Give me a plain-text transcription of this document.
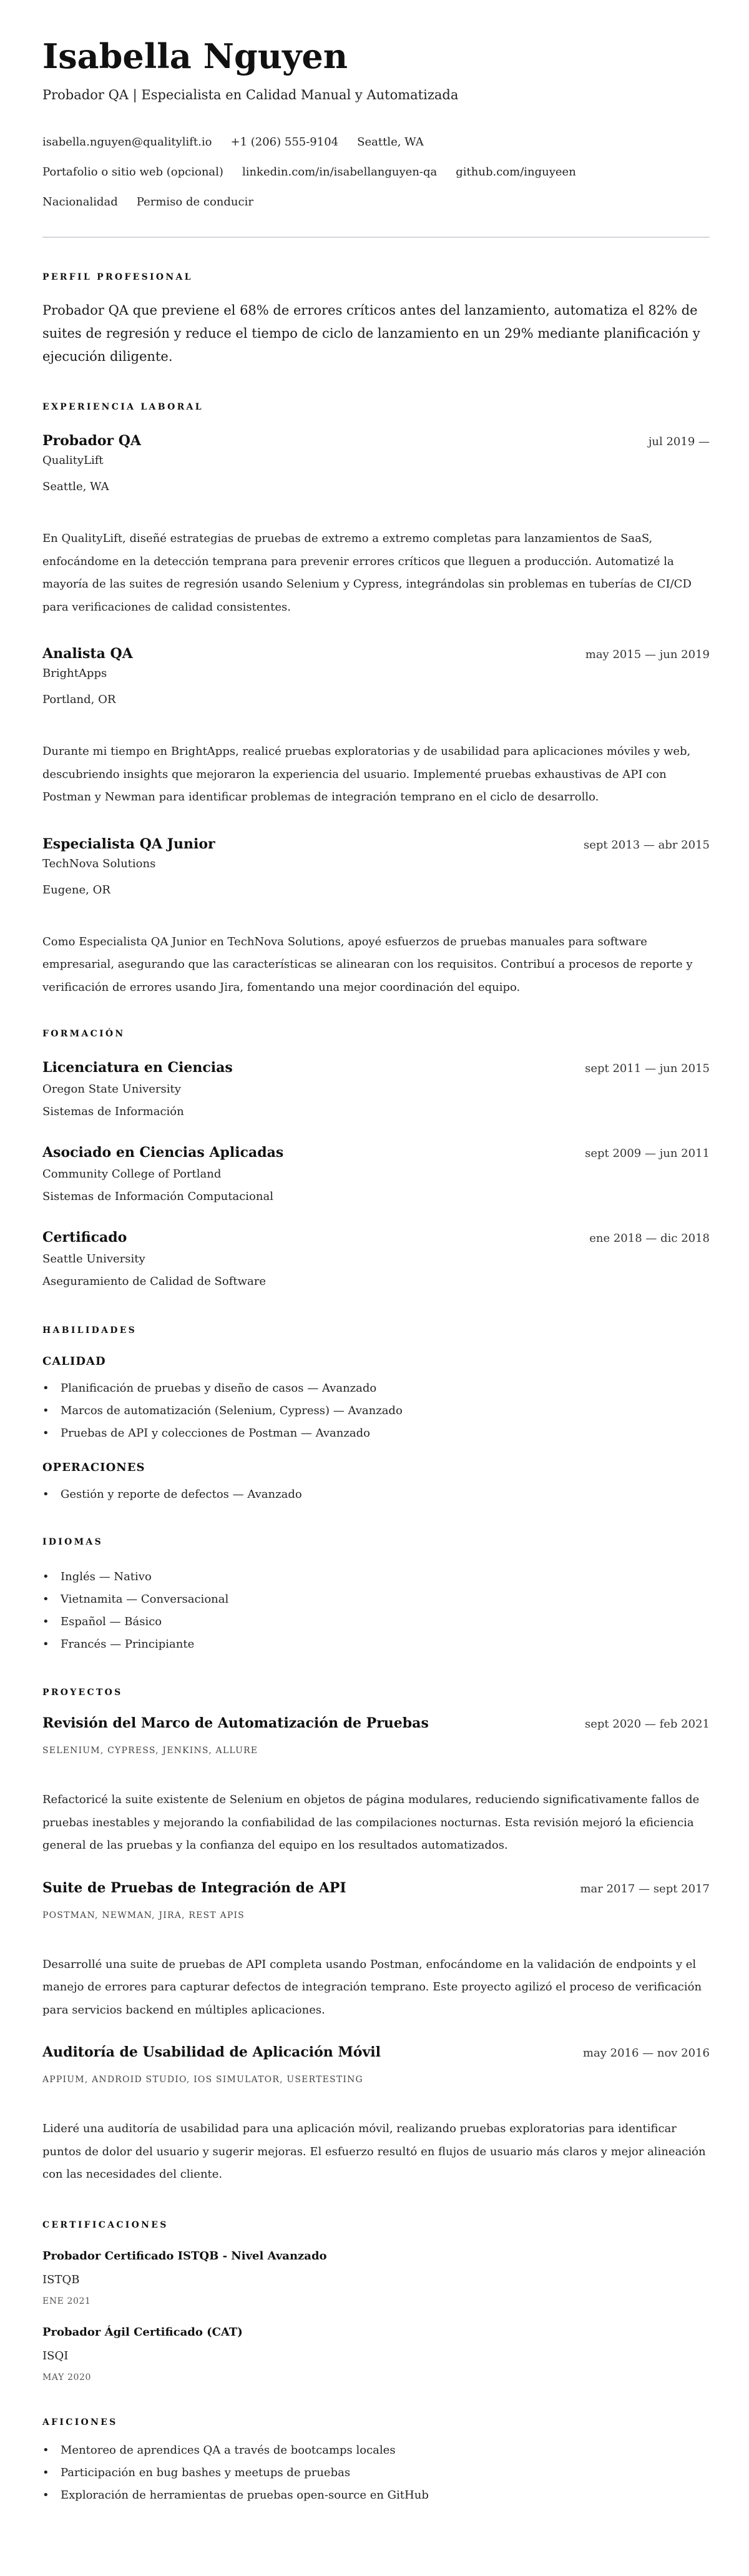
Isabella Nguyen
Probador QA | Especialista en Calidad Manual y Automatizada
isabella.nguyen@qualitylift.io +1 (206) 555-9104 Seattle, WA
Portafolio o sitio web (opcional) linkedin.com/in/isabellanguyen-qa github.com/inguyeen
Nacionalidad Permiso de conducir
PERFIL PROFESIONAL

Probador QA que previene el 68% de errores críticos antes del lanzamiento, automatiza el 82% de suites de regresión y reduce el tiempo de ciclo de lanzamiento en un 29% mediante planificación y ejecución diligente.

EXPERIENCIA LABORAL
Probador QA	jul 2019 —
QualityLift
Seattle, WA

En QualityLift, diseñé estrategias de pruebas de extremo a extremo completas para lanzamientos de SaaS, enfocándome en la detección temprana para prevenir errores críticos que lleguen a producción. Automatizé la mayoría de las suites de regresión usando Selenium y Cypress, integrándolas sin problemas en tuberías de CI/CD para verificaciones de calidad consistentes.

Analista QA	may 2015 — jun 2019
BrightApps
Portland, OR

Durante mi tiempo en BrightApps, realicé pruebas exploratorias y de usabilidad para aplicaciones móviles y web, descubriendo insights que mejoraron la experiencia del usuario. Implementé pruebas exhaustivas de API con Postman y Newman para identificar problemas de integración temprano en el ciclo de desarrollo.

Especialista QA Junior	sept 2013 — abr 2015
TechNova Solutions
Eugene, OR

Como Especialista QA Junior en TechNova Solutions, apoyé esfuerzos de pruebas manuales para software empresarial, asegurando que las características se alinearan con los requisitos. Contribuí a procesos de reporte y verificación de errores usando Jira, fomentando una mejor coordinación del equipo.

FORMACIÓN
Licenciatura en Ciencias	sept 2011 — jun 2015
Oregon State University
Sistemas de Información
Asociado en Ciencias Aplicadas	sept 2009 — jun 2011
Community College of Portland
Sistemas de Información Computacional
Certificado	ene 2018 — dic 2018
Seattle University
Aseguramiento de Calidad de Software
HABILIDADES
CALIDAD
• Planificación de pruebas y diseño de casos — Avanzado
• Marcos de automatización (Selenium, Cypress) — Avanzado
• Pruebas de API y colecciones de Postman — Avanzado
OPERACIONES
• Gestión y reporte de defectos — Avanzado
IDIOMAS
• Inglés — Nativo
• Vietnamita — Conversacional
• Español — Básico
• Francés — Principiante
PROYECTOS
Revisión del Marco de Automatización de Pruebas	sept 2020 — feb 2021
SELENIUM, CYPRESS, JENKINS, ALLURE

Refactoricé la suite existente de Selenium en objetos de página modulares, reduciendo significativamente fallos de pruebas inestables y mejorando la confiabilidad de las compilaciones nocturnas. Esta revisión mejoró la eficiencia general de las pruebas y la confianza del equipo en los resultados automatizados.

Suite de Pruebas de Integración de API	mar 2017 — sept 2017
POSTMAN, NEWMAN, JIRA, REST APIS

Desarrollé una suite de pruebas de API completa usando Postman, enfocándome en la validación de endpoints y el manejo de errores para capturar defectos de integración temprano. Este proyecto agilizó el proceso de verificación para servicios backend en múltiples aplicaciones.

Auditoría de Usabilidad de Aplicación Móvil	may 2016 — nov 2016
APPIUM, ANDROID STUDIO, IOS SIMULATOR, USERTESTING

Lideré una auditoría de usabilidad para una aplicación móvil, realizando pruebas exploratorias para identificar puntos de dolor del usuario y sugerir mejoras. El esfuerzo resultó en flujos de usuario más claros y mejor alineación con las necesidades del cliente.

CERTIFICACIONES
Probador Certificado ISTQB - Nivel Avanzado
ISTQB
ENE 2021
Probador Ágil Certificado (CAT)
ISQI
MAY 2020
AFICIONES
• Mentoreo de aprendices QA a través de bootcamps locales
• Participación en bug bashes y meetups de pruebas
• Exploración de herramientas de pruebas open-source en GitHub
